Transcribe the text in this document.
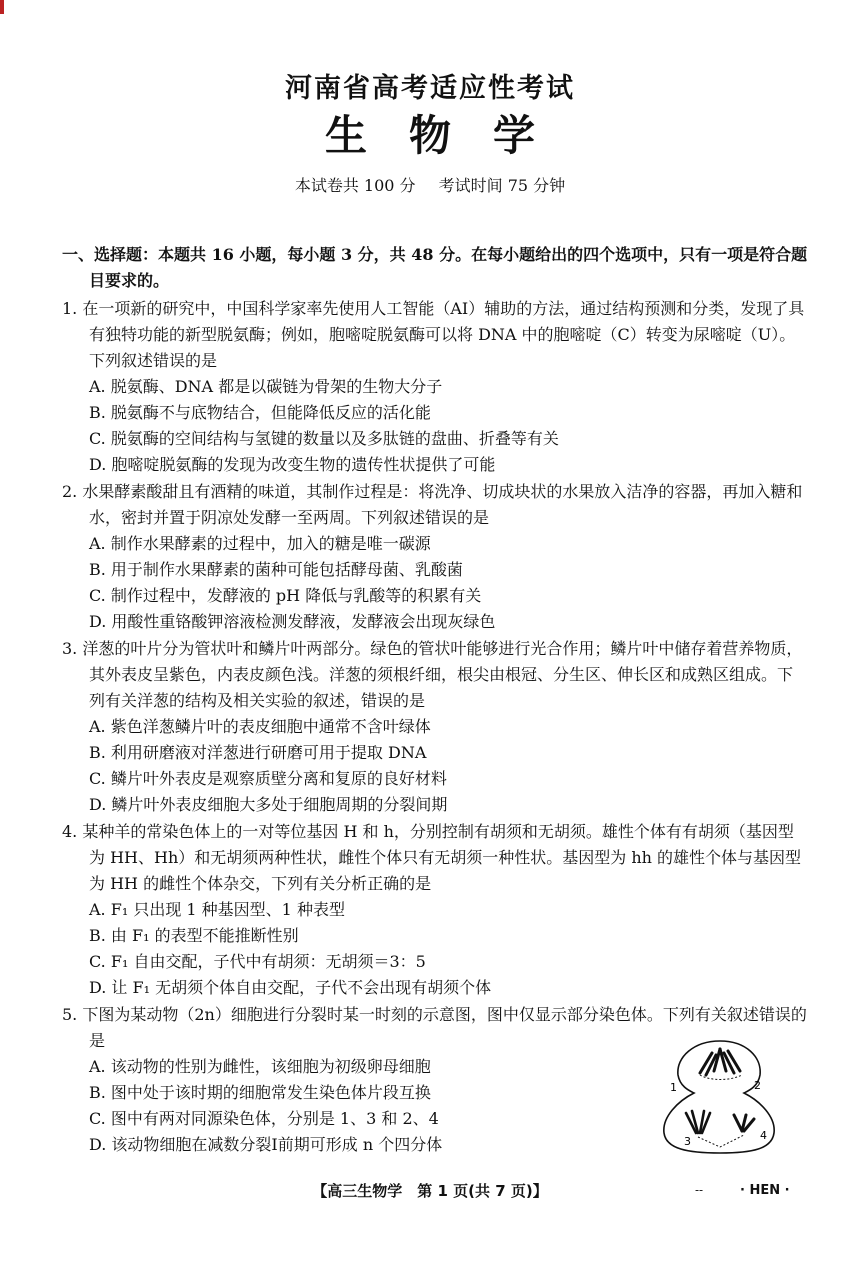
河南省高考适应性考试
生物学
本试卷共 100 分 考试时间 75 分钟
一、选择题：本题共 16 小题，每小题 3 分，共 48 分。在每小题给出的四个选项中，只有一项是符合题目要求的。
1. 在一项新的研究中，中国科学家率先使用人工智能（AI）辅助的方法，通过结构预测和分类，发现了具有独特功能的新型脱氨酶；例如，胞嘧啶脱氨酶可以将 DNA 中的胞嘧啶（C）转变为尿嘧啶（U）。下列叙述错误的是
A. 脱氨酶、DNA 都是以碳链为骨架的生物大分子
B. 脱氨酶不与底物结合，但能降低反应的活化能
C. 脱氨酶的空间结构与氢键的数量以及多肽链的盘曲、折叠等有关
D. 胞嘧啶脱氨酶的发现为改变生物的遗传性状提供了可能
2. 水果酵素酸甜且有酒精的味道，其制作过程是：将洗净、切成块状的水果放入洁净的容器，再加入糖和水，密封并置于阴凉处发酵一至两周。下列叙述错误的是
A. 制作水果酵素的过程中，加入的糖是唯一碳源
B. 用于制作水果酵素的菌种可能包括酵母菌、乳酸菌
C. 制作过程中，发酵液的 pH 降低与乳酸等的积累有关
D. 用酸性重铬酸钾溶液检测发酵液，发酵液会出现灰绿色
3. 洋葱的叶片分为管状叶和鳞片叶两部分。绿色的管状叶能够进行光合作用；鳞片叶中储存着营养物质，其外表皮呈紫色，内表皮颜色浅。洋葱的须根纤细，根尖由根冠、分生区、伸长区和成熟区组成。下列有关洋葱的结构及相关实验的叙述，错误的是
A. 紫色洋葱鳞片叶的表皮细胞中通常不含叶绿体
B. 利用研磨液对洋葱进行研磨可用于提取 DNA
C. 鳞片叶外表皮是观察质壁分离和复原的良好材料
D. 鳞片叶外表皮细胞大多处于细胞周期的分裂间期
4. 某种羊的常染色体上的一对等位基因 H 和 h，分别控制有胡须和无胡须。雄性个体有有胡须（基因型为 HH、Hh）和无胡须两种性状，雌性个体只有无胡须一种性状。基因型为 hh 的雄性个体与基因型为 HH 的雌性个体杂交，下列有关分析正确的是
A. F₁ 只出现 1 种基因型、1 种表型
B. 由 F₁ 的表型不能推断性别
C. F₁ 自由交配，子代中有胡须：无胡须＝3：5
D. 让 F₁ 无胡须个体自由交配，子代不会出现有胡须个体
5. 下图为某动物（2n）细胞进行分裂时某一时刻的示意图，图中仅显示部分染色体。下列有关叙述错误的是
A. 该动物的性别为雌性，该细胞为初级卵母细胞
B. 图中处于该时期的细胞常发生染色体片段互换
C. 图中有两对同源染色体，分别是 1、3 和 2、4
D. 该动物细胞在减数分裂Ⅰ前期可形成 n 个四分体
1	2
3	4
【高三生物学　第 1 页(共 7 页)】	--	· HEN ·
